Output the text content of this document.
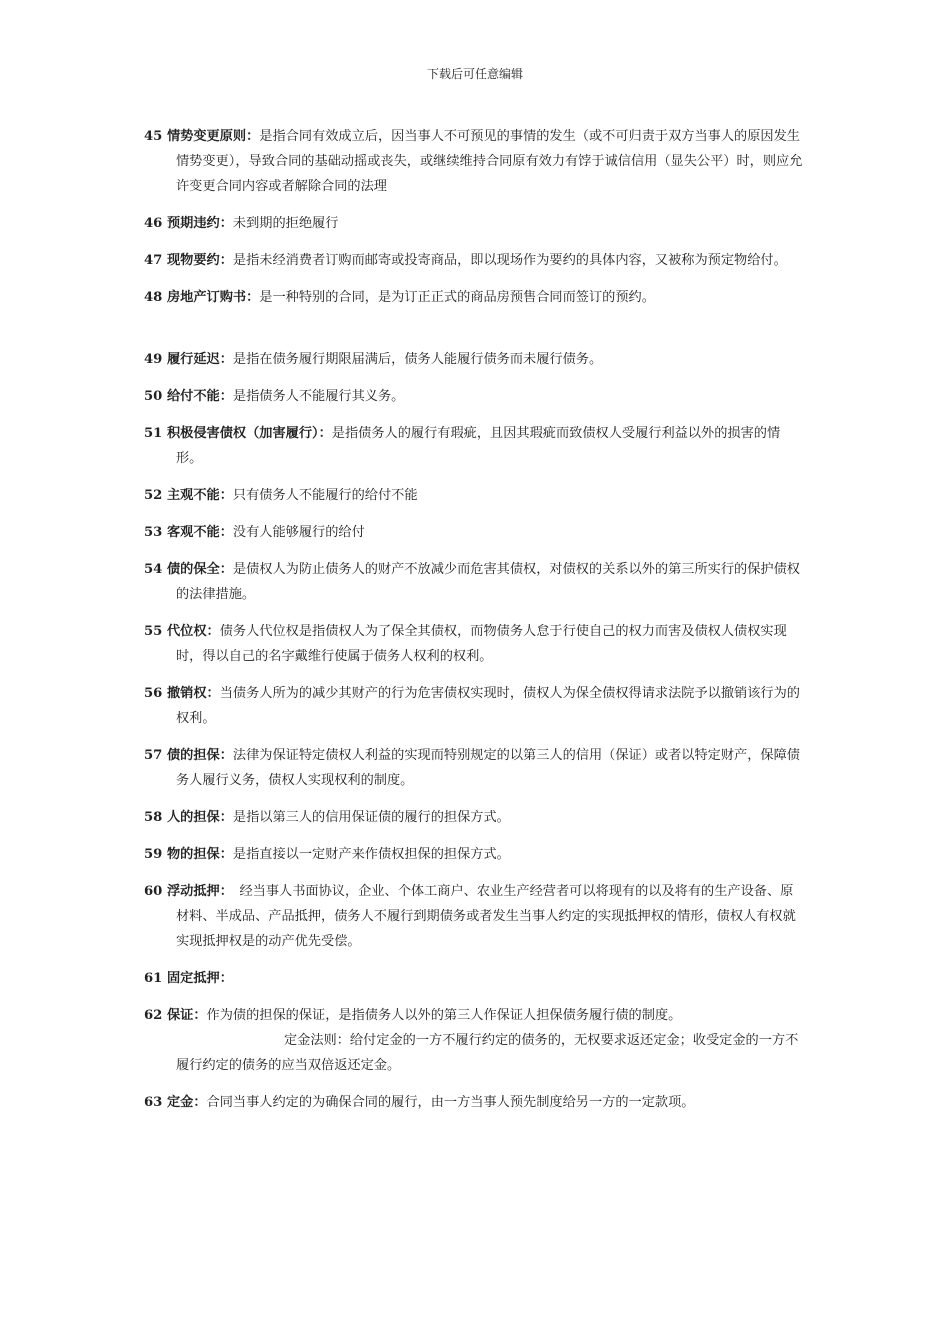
下载后可任意编辑

45 情势变更原则：是指合同有效成立后，因当事人不可预见的事情的发生（或不可归责于双方当事人的原因发生情势变更），导致合同的基础动摇或丧失，或继续维持合同原有效力有饽于诚信信用（显失公平）时，则应允许变更合同内容或者解除合同的法理

46 预期违约：未到期的拒绝履行

47 现物要约：是指未经消费者订购而邮寄或投寄商品，即以现场作为要约的具体内容，又被称为预定物给付。

48 房地产订购书：是一种特别的合同，是为订正正式的商品房预售合同而签订的预约。

49 履行延迟：是指在债务履行期限届满后，债务人能履行债务而未履行债务。

50 给付不能：是指债务人不能履行其义务。

51 积极侵害债权（加害履行）：是指债务人的履行有瑕疵，且因其瑕疵而致债权人受履行利益以外的损害的情形。

52 主观不能：只有债务人不能履行的给付不能

53 客观不能：没有人能够履行的给付

54 债的保全：是债权人为防止债务人的财产不放减少而危害其债权，对债权的关系以外的第三所实行的保护债权的法律措施。

55 代位权：债务人代位权是指债权人为了保全其债权，而物债务人怠于行使自己的权力而害及债权人债权实现时，得以自己的名字戴维行使属于债务人权利的权利。

56 撤销权：当债务人所为的减少其财产的行为危害债权实现时，债权人为保全债权得请求法院予以撤销该行为的权利。

57 债的担保：法律为保证特定债权人利益的实现而特别规定的以第三人的信用（保证）或者以特定财产，保障债务人履行义务，债权人实现权利的制度。

58 人的担保：是指以第三人的信用保证债的履行的担保方式。

59 物的担保：是指直接以一定财产来作债权担保的担保方式。

60 浮动抵押：　经当事人书面协议，企业、个体工商户、农业生产经营者可以将现有的以及将有的生产设备、原材料、半成品、产品抵押，债务人不履行到期债务或者发生当事人约定的实现抵押权的情形，债权人有权就实现抵押权是的动产优先受偿。

61 固定抵押：

62 保证：作为债的担保的保证，是指债务人以外的第三人作保证人担保债务履行债的制度。

定金法则：给付定金的一方不履行约定的债务的，无权要求返还定金；收受定金的一方不履行约定的债务的应当双倍返还定金。

63 定金：合同当事人约定的为确保合同的履行，由一方当事人预先制度给另一方的一定款项。
